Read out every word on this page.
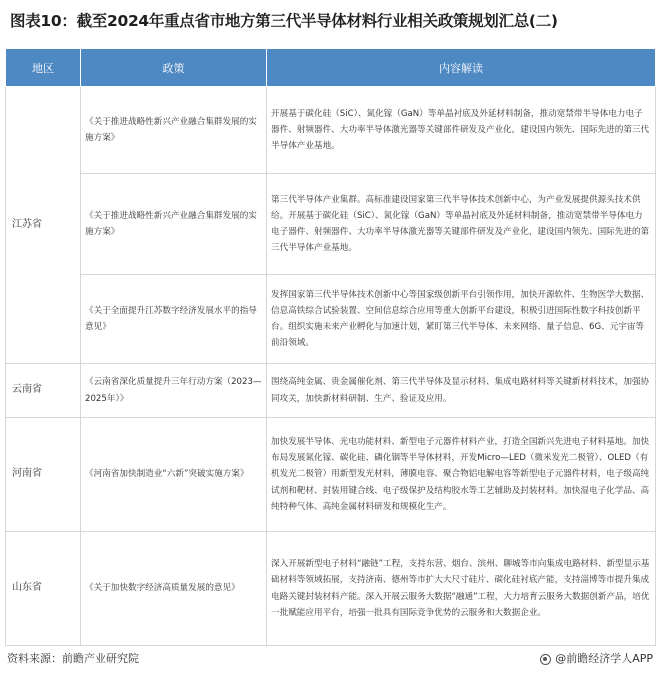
图表10：截至2024年重点省市地方第三代半导体材料行业相关政策规划汇总(二)
地区	政策	内容解读
江苏省	《关于推进战略性新兴产业融合集群发展的实施方案》	开展基于碳化硅（SiC）、氮化镓（GaN）等单晶衬底及外延材料制备，推动宽禁带半导体电力电子器件、射频器件、大功率半导体激光器等关键部件研发及产业化，建设国内领先、国际先进的第三代半导体产业基地。
	《关于推进战略性新兴产业融合集群发展的实施方案》	第三代半导体产业集群。高标准建设国家第三代半导体技术创新中心，为产业发展提供源头技术供给。开展基于碳化硅（SiC）、氮化镓（GaN）等单晶衬底及外延材料制备，推动宽禁带半导体电力电子器件、射频器件、大功率半导体激光器等关键部件研发及产业化，建设国内领先、国际先进的第三代半导体产业基地。
	《关于全面提升江苏数字经济发展水平的指导意见》	发挥国家第三代半导体技术创新中心等国家级创新平台引领作用，加快开源软件、生物医学大数据、信息高铁综合试验装置、空间信息综合应用等重大创新平台建设，积极引进国际性数字科技创新平台。组织实施未来产业孵化与加速计划，紧盯第三代半导体、未来网络、量子信息、6G、元宇宙等前沿领域。
云南省	《云南省深化质量提升三年行动方案（2023—2025年）》	围绕高纯金属、贵金属催化剂、第三代半导体及显示材料、集成电路材料等关键新材料技术，加强协同攻关，加快新材料研制、生产、验证及应用。
河南省	《河南省加快制造业“六新”突破实施方案》	加快发展半导体、光电功能材料、新型电子元器件材料产业，打造全国新兴先进电子材料基地。加快布局发展氮化镓、碳化硅、磷化铟等半导体材料，开发Micro—LED（微米发光二极管）、OLED（有机发光二极管）用新型发光材料，薄膜电容、聚合物铝电解电容等新型电子元器件材料，电子级高纯试剂和靶材、封装用键合线、电子级保护及结构胶水等工艺辅助及封装材料。加快湿电子化学品、高纯特种气体、高纯金属材料研发和规模化生产。
山东省	《关于加快数字经济高质量发展的意见》	深入开展新型电子材料“融链”工程，支持东营、烟台、滨州、聊城等市向集成电路材料、新型显示基础材料等领域拓展，支持济南、德州等市扩大大尺寸硅片、碳化硅衬底产能，支持淄博等市提升集成电路关键封装材料产能。深入开展云服务大数据“融通”工程，大力培育云服务大数据创新产品，培优一批赋能应用平台，培强一批具有国际竞争优势的云服务和大数据企业。
资料来源：前瞻产业研究院	@前瞻经济学人APP
